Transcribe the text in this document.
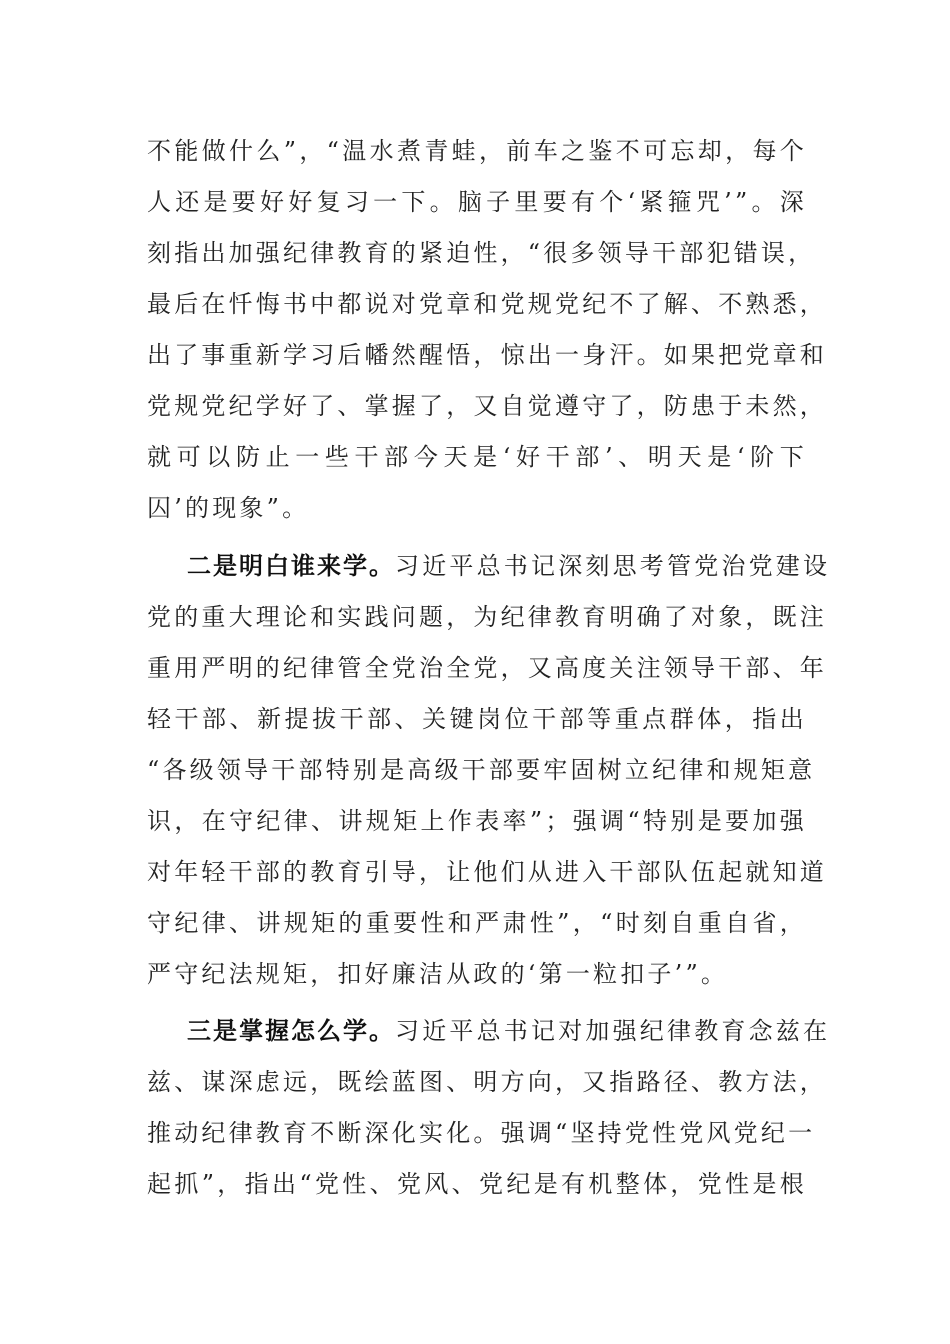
不能做什么”，“温水煮青蛙，前车之鉴不可忘却，每个
人还是要好好复习一下。脑子里要有个‘紧箍咒’”。深
刻指出加强纪律教育的紧迫性，“很多领导干部犯错误，
最后在忏悔书中都说对党章和党规党纪不了解、不熟悉，
出了事重新学习后幡然醒悟，惊出一身汗。如果把党章和
党规党纪学好了、掌握了，又自觉遵守了，防患于未然，
就可以防止一些干部今天是‘好干部’、明天是‘阶下
囚’的现象”。
二是明白谁来学。习近平总书记深刻思考管党治党建设
党的重大理论和实践问题，为纪律教育明确了对象，既注
重用严明的纪律管全党治全党，又高度关注领导干部、年
轻干部、新提拔干部、关键岗位干部等重点群体，指出
“各级领导干部特别是高级干部要牢固树立纪律和规矩意
识，在守纪律、讲规矩上作表率”；强调“特别是要加强
对年轻干部的教育引导，让他们从进入干部队伍起就知道
守纪律、讲规矩的重要性和严肃性”，“时刻自重自省，
严守纪法规矩，扣好廉洁从政的‘第一粒扣子’”。
三是掌握怎么学。习近平总书记对加强纪律教育念兹在
兹、谋深虑远，既绘蓝图、明方向，又指路径、教方法，
推动纪律教育不断深化实化。强调“坚持党性党风党纪一
起抓”，指出“党性、党风、党纪是有机整体，党性是根
